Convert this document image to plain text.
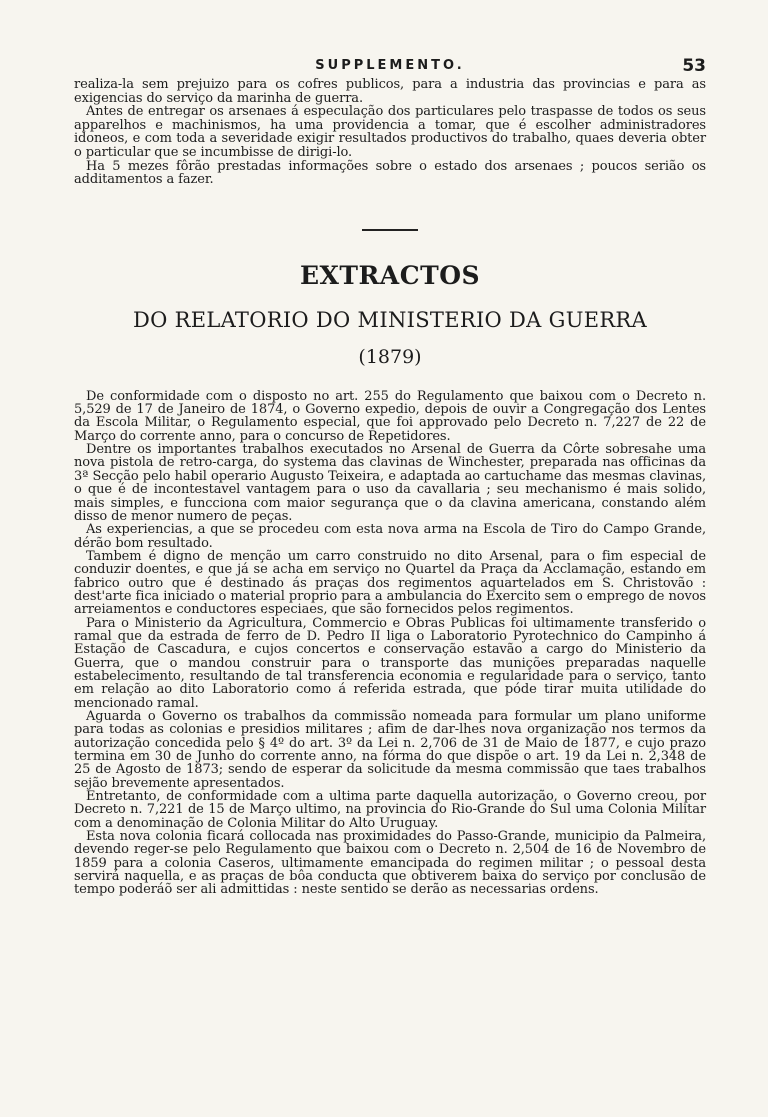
SUPPLEMENTO.	53

realiza-la sem prejuizo para os cofres publicos, para a industria das provincias e para as exigencias do serviço da marinha de guerra.

Antes de entregar os arsenaes á especulação dos particulares pelo traspasse de todos os seus apparelhos e machinismos, ha uma providencia a tomar, que é escolher administradores idoneos, e com toda a severidade exigir resultados productivos do trabalho, quaes deveria obter o particular que se incumbisse de dirigi-lo.

Ha 5 mezes fôrão prestadas informações sobre o estado dos arsenaes ; poucos serião os additamentos a fazer.

EXTRACTOS
DO RELATORIO DO MINISTERIO DA GUERRA
(1879)

De conformidade com o disposto no art. 255 do Regulamento que baixou com o Decreto n. 5,529 de 17 de Janeiro de 1874, o Governo expedio, depois de ouvir a Congregação dos Lentes da Escola Militar, o Regulamento especial, que foi approvado pelo Decreto n. 7,227 de 22 de Março do corrente anno, para o concurso de Repetidores.

Dentre os importantes trabalhos executados no Arsenal de Guerra da Côrte sobresahe uma nova pistola de retro-carga, do systema das clavinas de Winchester, preparada nas officinas da 3ª Secção pelo habil operario Augusto Teixeira, e adaptada ao cartuchame das mesmas clavinas, o que é de incontestavel vantagem para o uso da cavallaria ; seu mechanismo é mais solido, mais simples, e funcciona com maior segurança que o da clavina americana, constando além disso de menor numero de peças.

As experiencias, a que se procedeu com esta nova arma na Escola de Tiro do Campo Grande, dérão bom resultado.

Tambem é digno de menção um carro construido no dito Arsenal, para o fim especial de conduzir doentes, e que já se acha em serviço no Quartel da Praça da Acclamação, estando em fabrico outro que é destinado ás praças dos regimentos aquartelados em S. Christovão : dest'arte fica iniciado o material proprio para a ambulancia do Exercito sem o emprego de novos arreiamentos e conductores especiaes, que são fornecidos pelos regimentos.

Para o Ministerio da Agricultura, Commercio e Obras Publicas foi ultimamente transferido o ramal que da estrada de ferro de D. Pedro II liga o Laboratorio Pyrotechnico do Campinho á Estação de Cascadura, e cujos concertos e conservação estavão a cargo do Ministerio da Guerra, que o mandou construir para o transporte das munições preparadas naquelle estabelecimento, resultando de tal transferencia economia e regularidade para o serviço, tanto em relação ao dito Laboratorio como á referida estrada, que póde tirar muita utilidade do mencionado ramal.

Aguarda o Governo os trabalhos da commissão nomeada para formular um plano uniforme para todas as colonias e presidios militares ; afim de dar-lhes nova organização nos termos da autorização concedida pelo § 4º do art. 3º da Lei n. 2,706 de 31 de Maio de 1877, e cujo prazo termina em 30 de Junho do corrente anno, na fórma do que dispõe o art. 19 da Lei n. 2,348 de 25 de Agosto de 1873; sendo de esperar da solicitude da mesma commissão que taes trabalhos sejão brevemente apresentados.

Entretanto, de conformidade com a ultima parte daquella autorização, o Governo creou, por Decreto n. 7,221 de 15 de Março ultimo, na provincia do Rio-Grande do Sul uma Colonia Militar com a denominação de Colonia Militar do Alto Uruguay.

Esta nova colonia ficará collocada nas proximidades do Passo-Grande, municipio da Palmeira, devendo reger-se pelo Regulamento que baixou com o Decreto n. 2,504 de 16 de Novembro de 1859 para a colonia Caseros, ultimamente emancipada do regimen militar ; o pessoal desta servirá naquella, e as praças de bôa conducta que obtiverem baixa do serviço por conclusão de tempo poderáõ ser ali admittidas : neste sentido se derão as necessarias ordens.
